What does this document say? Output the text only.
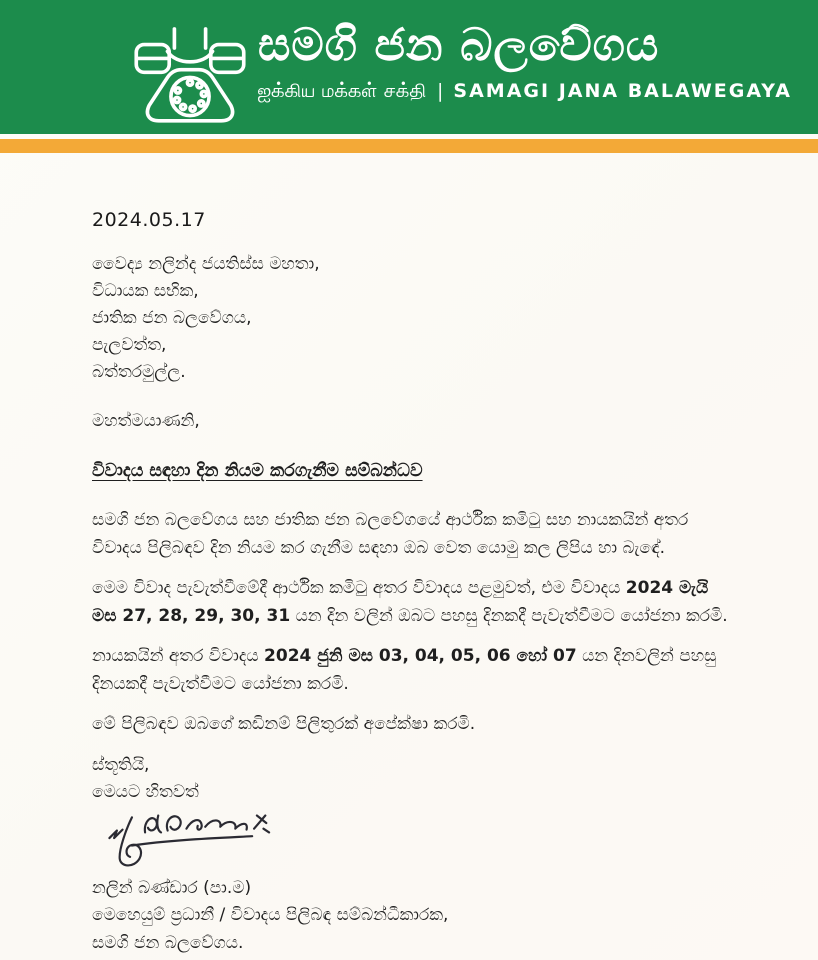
සමගි ජන බලවේගය
ஐக்கிய மக்கள் சக்தி | SAMAGI JANA BALAWEGAYA
2024.05.17
වෛද්‍ය නලින්ද ජයතිස්ස මහතා,
විධායක සභික,
ජාතික ජන බලවේගය,
පැලවත්ත,
බත්තරමුල්ල.
මහත්මයාණනි,
විවාදය සඳහා දින නියම කරගැනීම සම්බන්ධව

සමගි ජන බලවේගය සහ ජාතික ජන බලවේගයේ ආර්ථික කමිටු සහ නායකයින් අතර විවාදය පිලිබඳව දින නියම කර ගැනීම සඳහා ඔබ වෙත යොමු කල ලිපිය හා බැඳේ.

මෙම විවාද පැවැත්වීමේදී ආර්ථික කමිටු අතර විවාදය පළමුවත්, එම විවාදය 2024 මැයි මස 27, 28, 29, 30, 31 යන දින වලින් ඔබට පහසු දිනකදී පැවැත්වීමට යෝජනා කරමි.

නායකයින් අතර විවාදය 2024 ජුනි මස 03, 04, 05, 06 හෝ 07 යන දිනවලින් පහසු දිනයකදී පැවැත්වීමට යෝජනා කරමි.

මේ පිලිබඳව ඔබගේ කඩිනම් පිලිතුරක් අපේක්ෂා කරමි.

ස්තූතියි,
මෙයට හිතවත්
නලින් බණ්ඩාර (පා.ම)
මෙහෙයුම් ප්‍රධානී / විවාදය පිලිබඳ සම්බන්ධීකාරක,
සමගි ජන බලවේගය.
